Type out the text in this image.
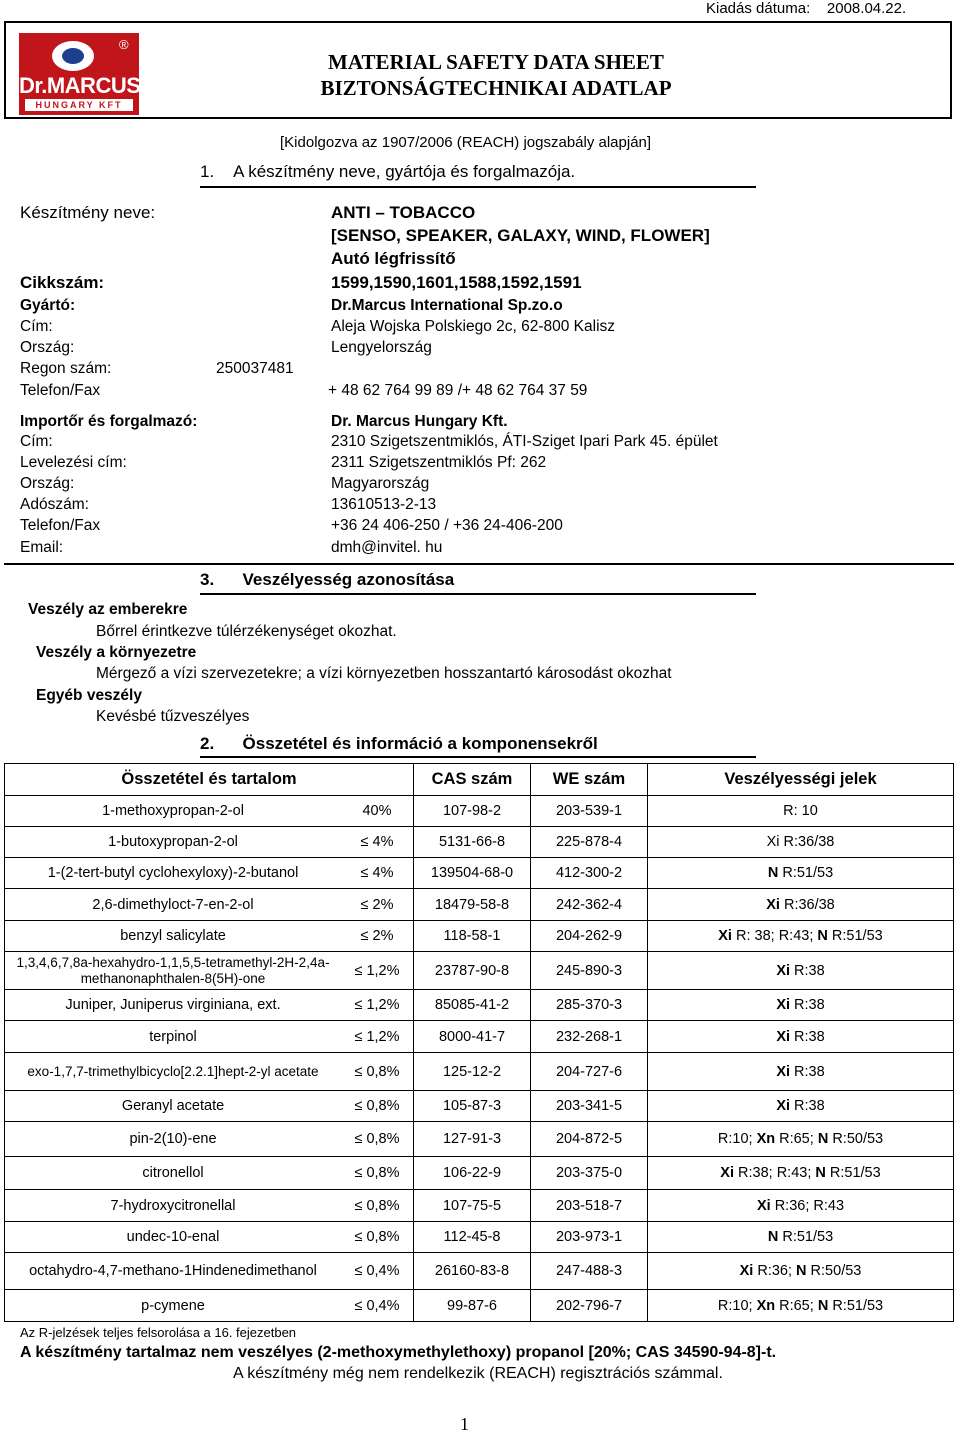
Kiadás dátuma: 2008.04.22.
®
Dr.MARCUS
HUNGARY KFT
MATERIAL SAFETY DATA SHEET
BIZTONSÁGTECHNIKAI ADATLAP
[Kidolgozva az 1907/2006 (REACH) jogszabály alapján]
1. A készítmény neve, gyártója és forgalmazója.
Készítmény neve:	ANTI – TOBACCO
[SENSO, SPEAKER, GALAXY, WIND, FLOWER]
Autó légfrissítő
Cikkszám:	1599,1590,1601,1588,1592,1591
Gyártó:	Dr.Marcus International Sp.zo.o
Cím:	Aleja Wojska Polskiego 2c, 62-800 Kalisz
Ország:	Lengyelország
Regon szám:	250037481
Telefon/Fax	+ 48 62 764 99 89 /+ 48 62 764 37 59
Importőr és forgalmazó:	Dr. Marcus Hungary Kft.
Cím:	2310 Szigetszentmiklós, ÁTI-Sziget Ipari Park 45. épület
Levelezési cím:	2311 Szigetszentmiklós Pf: 262
Ország:	Magyarország
Adószám:	13610513-2-13
Telefon/Fax	+36 24 406-250 / +36 24-406-200
Email:	dmh@invitel. hu
3. Veszélyesség azonosítása
Veszély az emberekre
Bőrrel érintkezve túlérzékenységet okozhat.
Veszély a környezetre
Mérgező a vízi szervezetekre; a vízi környezetben hosszantartó károsodást okozhat
Egyéb veszély
Kevésbé tűzveszélyes
2. Összetétel és információ a komponensekről
Összetétel és tartalom		CAS szám	WE szám	Veszélyességi jelek
1-methoxypropan-2-ol	40%	107-98-2	203-539-1	R: 10
1-butoxypropan-2-ol	≤ 4%	5131-66-8	225-878-4	Xi R:36/38
1-(2-tert-butyl cyclohexyloxy)-2-butanol	≤ 4%	139504-68-0	412-300-2	N R:51/53
2,6-dimethyloct-7-en-2-ol	≤ 2%	18479-58-8	242-362-4	Xi R:36/38
benzyl salicylate	≤ 2%	118-58-1	204-262-9	Xi R: 38; R:43; N R:51/53
1,3,4,6,7,8a-hexahydro-1,1,5,5-tetramethyl-2H-2,4a-methanonaphthalen-8(5H)-one	≤ 1,2%	23787-90-8	245-890-3	Xi R:38
Juniper, Juniperus virginiana, ext.	≤ 1,2%	85085-41-2	285-370-3	Xi R:38
terpinol	≤ 1,2%	8000-41-7	232-268-1	Xi R:38
exo-1,7,7-trimethylbicyclo[2.2.1]hept-2-yl acetate	≤ 0,8%	125-12-2	204-727-6	Xi R:38
Geranyl acetate	≤ 0,8%	105-87-3	203-341-5	Xi R:38
pin-2(10)-ene	≤ 0,8%	127-91-3	204-872-5	R:10; Xn R:65; N R:50/53
citronellol	≤ 0,8%	106-22-9	203-375-0	Xi R:38; R:43; N R:51/53
7-hydroxycitronellal	≤ 0,8%	107-75-5	203-518-7	Xi R:36; R:43
undec-10-enal	≤ 0,8%	112-45-8	203-973-1	N R:51/53
octahydro-4,7-methano-1Hindenedimethanol	≤ 0,4%	26160-83-8	247-488-3	Xi R:36; N R:50/53
p-cymene	≤ 0,4%	99-87-6	202-796-7	R:10; Xn R:65; N R:51/53
Az R-jelzések teljes felsorolása a 16. fejezetben
A készítmény tartalmaz nem veszélyes (2-methoxymethylethoxy) propanol [20%; CAS 34590-94-8]-t.
A készítmény még nem rendelkezik (REACH) regisztrációs számmal.
1
